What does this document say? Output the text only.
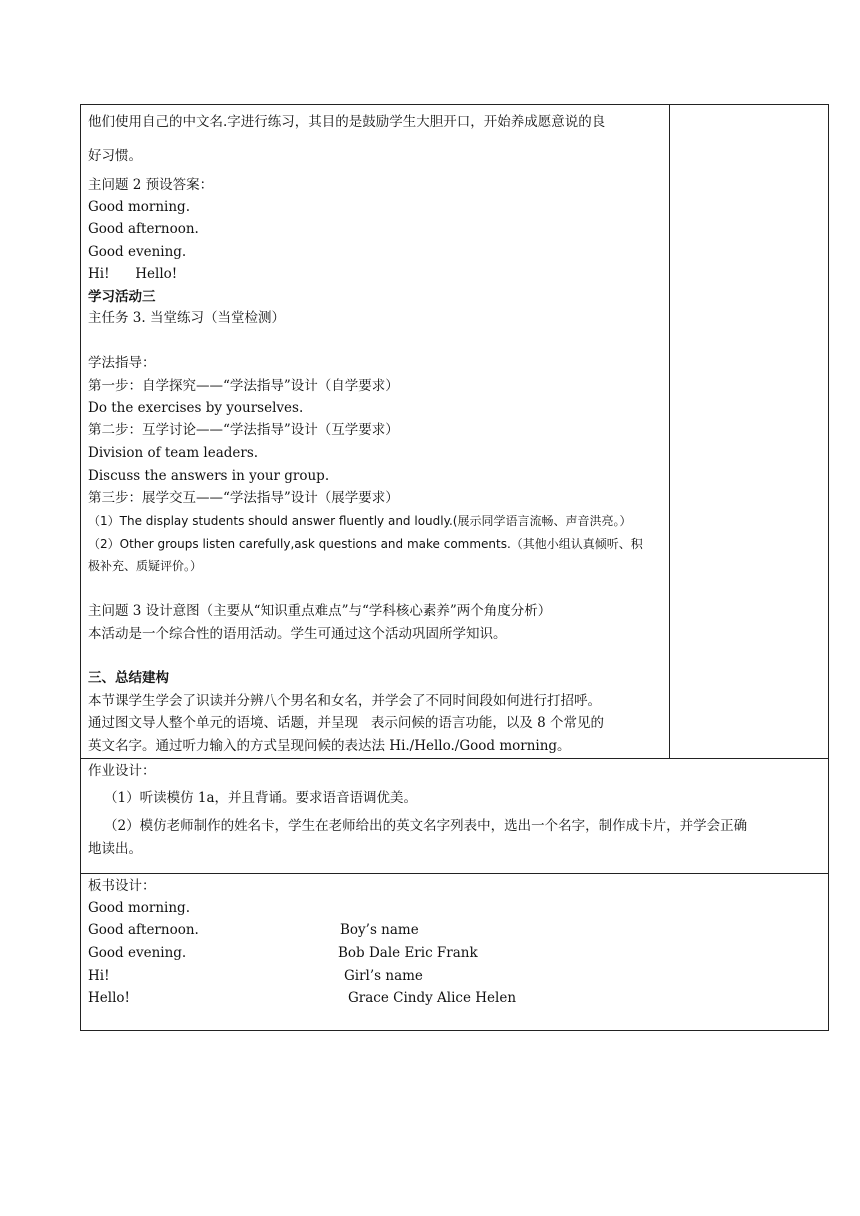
他们使用自己的中文名.字进行练习，其目的是鼓励学生大胆开口，开始养成愿意说的良
好习惯。
主问题 2 预设答案：
Good morning.
Good afternoon.
Good evening.
Hi!      Hello!
学习活动三
主任务 3. 当堂练习（当堂检测）
学法指导：
第一步：自学探究——“学法指导”设计（自学要求）
Do the exercises by yourselves.
第二步：互学讨论——“学法指导”设计（互学要求）
Division of team leaders.
Discuss the answers in your group.
第三步：展学交互——“学法指导”设计（展学要求）
（1）The display students should answer fluently and loudly.(展示同学语言流畅、声音洪亮。）
（2）Other groups listen carefully,ask questions and make comments.（其他小组认真倾听、积
极补充、质疑评价。）
主问题 3 设计意图（主要从“知识重点难点”与“学科核心素养”两个角度分析）
本活动是一个综合性的语用活动。学生可通过这个活动巩固所学知识。
三、总结建构
本节课学生学会了识读并分辨八个男名和女名，并学会了不同时间段如何进行打招呼。
通过图文导人整个单元的语境、话题，并呈现   表示问候的语言功能，以及 8 个常见的
英文名字。通过听力输入的方式呈现问候的表达法 Hi./Hello./Good morning。
作业设计：
（1）听读模仿 1a，并且背诵。要求语音语调优美。
（2）模仿老师制作的姓名卡，学生在老师给出的英文名字列表中，选出一个名字，制作成卡片，并学会正确
地读出。
板书设计：
Good morning.
Good afternoon.
Good evening.
Hi!
Hello!
Boy’s name
Bob Dale Eric Frank
Girl’s name
Grace Cindy Alice Helen
